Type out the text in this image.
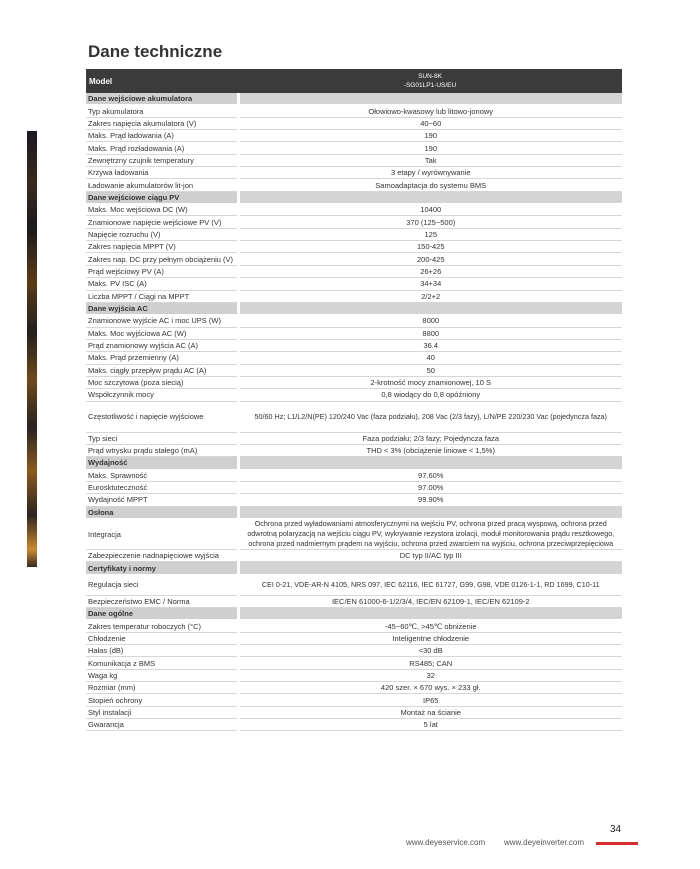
Dane techniczne
Model	SUN-8K
-SG01LP1-US/EU

Dane wejściowe akumulatora	
Typ akumulatora	Ołowiowo-kwasowy lub litowo-jonowy
Zakres napięcia akumulatora (V)	40~60
Maks. Prąd ładowania (A)	190
Maks. Prąd rozładowania (A)	190
Zewnętrzny czujnik temperatury	Tak
Krzywa ładowania	3 etapy / wyrównywanie
Ładowanie akumulatorów lit-jon	Samoadaptacja do systemu BMS
Dane wejściowe ciągu PV	
Maks. Moc wejściowa DC (W)	10400
Znamionowe napięcie wejściowe PV (V)	370 (125~500)
Napięcie rozruchu (V)	125
Zakres napięcia MPPT (V)	150-425
Zakres nap. DC przy pełnym obciążeniu (V)	200-425
Prąd wejściowy PV (A)	26+26
Maks. PV ISC (A)	34+34
Liczba MPPT / Ciągi na MPPT	2/2+2
Dane wyjścia AC	
Znamionowe wyjście AC i moc UPS (W)	8000
Maks. Moc wyjściowa AC (W)	8800
Prąd znamionowy wyjścia AC (A)	36.4
Maks. Prąd przemienny (A)	40
Maks. ciągły przepływ prądu AC (A)	50
Moc szczytowa (poza siecią)	2-krotność mocy znamionowej, 10 S
Współczynnik mocy	0,8 wiodący do 0,8 opóźniony
Częstotliwość i napięcie wyjściowe	50/60 Hz; L1/L2/N(PE) 120/240 Vac (faza podziału), 208 Vac (2/3 fazy), L/N/PE 220/230 Vac (pojedyncza faza)
Typ sieci	Faza podziału; 2/3 fazy; Pojedyncza faza
Prąd wtrysku prądu stałego (mA)	THD < 3% (obciążenie liniowe < 1,5%)
Wydajność	
Maks. Sprawność	97.60%
Eurosktuteczność	97.00%
Wydajność MPPT	99.90%
Osłona	
Integracja	Ochrona przed wyładowaniami atmosferycznymi na wejściu PV, ochrona przed pracą wyspową, ochrona przed odwrotną polaryzacją na wejściu ciągu PV, wykrywanie rezystora izolacji, moduł monitorowania prądu resztkowego, ochrona przed nadmiernym prądem na wyjściu, ochrona przed zwarciem na wyjściu, ochrona przeciwprzepięciowa
Zabezpieczenie nadnapięciowe wyjścia	DC typ II/AC typ III
Certyfikaty i normy	
Regulacja sieci	CEI 0-21, VDE-AR-N 4105, NRS 097, IEC 62116, IEC 61727, G99, G98, VDE 0126-1-1, RD 1699, C10-11
Bezpieczeństwo EMC / Norma	IEC/EN 61000-6-1/2/3/4, IEC/EN 62109-1, IEC/EN 62109-2
Dane ogólne	
Zakres temperatur roboczych (°C)	-45~60℃, >45℃ obniżenie
Chłodzenie	Inteligentne chłodzenie
Hałas (dB)	<30 dB
Komunikacja z BMS	RS485; CAN
Waga kg	32
Rozmiar (mm)	420 szer. × 670 wys. × 233 gł.
Stopień ochrony	IP65
Styl instalacji	Montaż na ścianie
Gwarancja	5 lat
34
www.deyeservice.com www.deyeinverter.com
